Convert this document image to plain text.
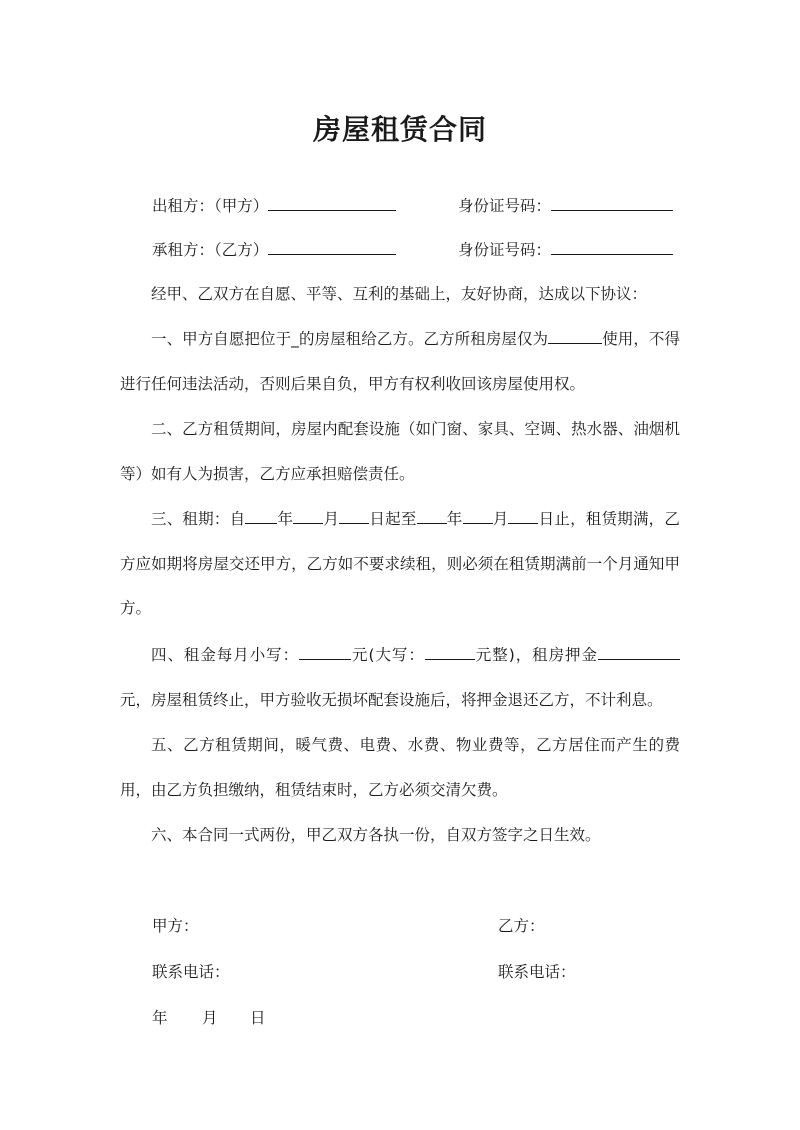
房屋租赁合同
出租方：（甲方）	身份证号码：
承租方：（乙方）	身份证号码：
经甲、乙双方在自愿、平等、互利的基础上，友好协商，达成以下协议：
一、甲方自愿把位于_的房屋租给乙方。乙方所租房屋仅为	使用，不得进行任何违法活动，否则后果自负，甲方有权利收回该房屋使用权。
二、乙方租赁期间，房屋内配套设施（如门窗、家具、空调、热水器、油烟机等）如有人为损害，乙方应承担赔偿责任。
三、租期：自 年 月 日起至 年 月 日止，租赁期满，乙方应如期将房屋交还甲方，乙方如不要求续租，则必须在租赁期满前一个月通知甲方。
四、租金每月小写：	元(大写：	元整)，租房押金元，房屋租赁终止，甲方验收无损坏配套设施后，将押金退还乙方，不计利息。
五、乙方租赁期间，暖气费、电费、水费、物业费等，乙方居住而产生的费用，由乙方负担缴纳，租赁结束时，乙方必须交清欠费。
六、本合同一式两份，甲乙双方各执一份，自双方签字之日生效。
甲方：	乙方：
联系电话：	联系电话：
年 月 日
